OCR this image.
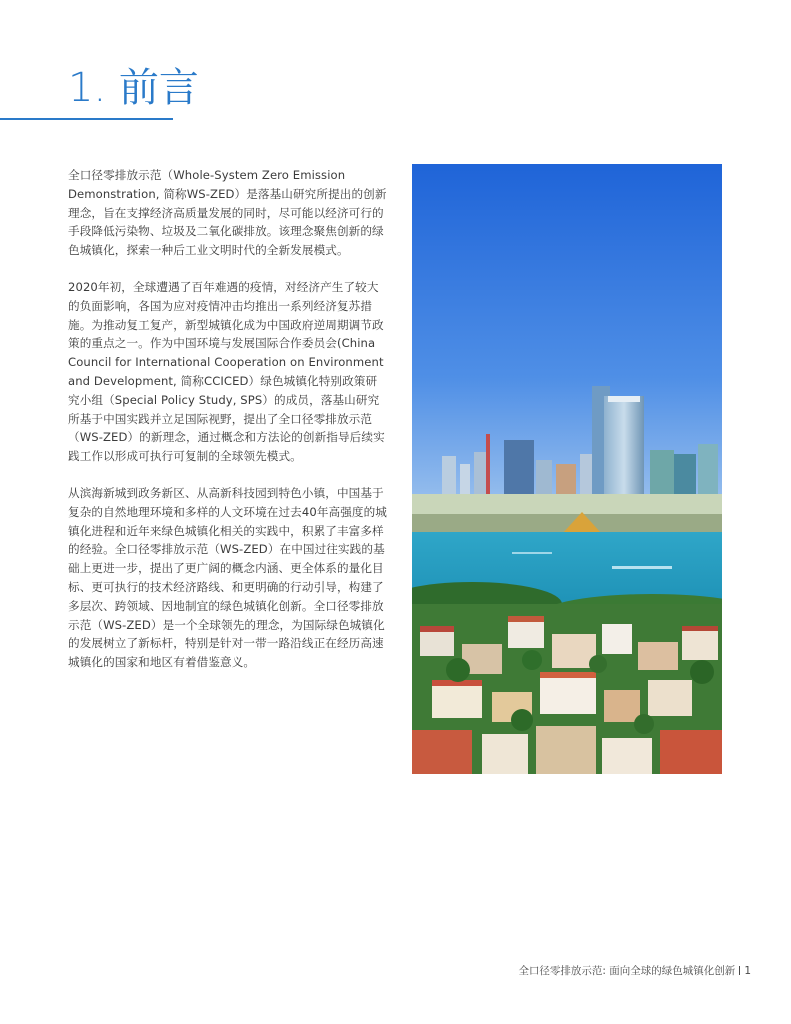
1. 前言

全口径零排放示范（Whole-System Zero Emission Demonstration, 简称WS-ZED）是落基山研究所提出的创新理念，旨在支撑经济高质量发展的同时，尽可能以经济可行的手段降低污染物、垃圾及二氧化碳排放。该理念聚焦创新的绿色城镇化，探索一种后工业文明时代的全新发展模式。

2020年初，全球遭遇了百年难遇的疫情，对经济产生了较大的负面影响，各国为应对疫情冲击均推出一系列经济复苏措施。为推动复工复产，新型城镇化成为中国政府逆周期调节政策的重点之一。作为中国环境与发展国际合作委员会(China Council for International Cooperation on Environment and Development, 简称CCICED）绿色城镇化特别政策研究小组（Special Policy Study, SPS）的成员，落基山研究所基于中国实践并立足国际视野，提出了全口径零排放示范（WS-ZED）的新理念，通过概念和方法论的创新指导后续实践工作以形成可执行可复制的全球领先模式。

从滨海新城到政务新区、从高新科技园到特色小镇，中国基于复杂的自然地理环境和多样的人文环境在过去40年高强度的城镇化进程和近年来绿色城镇化相关的实践中，积累了丰富多样的经验。全口径零排放示范（WS-ZED）在中国过往实践的基础上更进一步，提出了更广阔的概念内涵、更全体系的量化目标、更可执行的技术经济路线、和更明确的行动引导，构建了多层次、跨领域、因地制宜的绿色城镇化创新。全口径零排放示范（WS-ZED）是一个全球领先的理念，为国际绿色城镇化的发展树立了新标杆，特别是针对一带一路沿线正在经历高速城镇化的国家和地区有着借鉴意义。

全口径零排放示范: 面向全球的绿色城镇化创新 1
